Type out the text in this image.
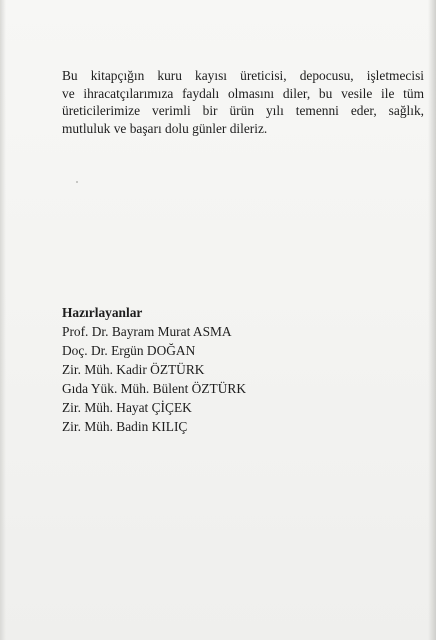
Bu kitapçığın kuru kayısı üreticisi, depocusu, işletmecisi
ve ihracatçılarımıza faydalı olmasını diler, bu vesile ile tüm
üreticilerimize verimli bir ürün yılı temenni eder, sağlık,
mutluluk ve başarı dolu günler dileriz.
Hazırlayanlar
Prof. Dr. Bayram Murat ASMA
Doç. Dr. Ergün DOĞAN
Zir. Müh. Kadir ÖZTÜRK
Gıda Yük. Müh. Bülent ÖZTÜRK
Zir. Müh. Hayat ÇİÇEK
Zir. Müh. Badin KILIÇ
